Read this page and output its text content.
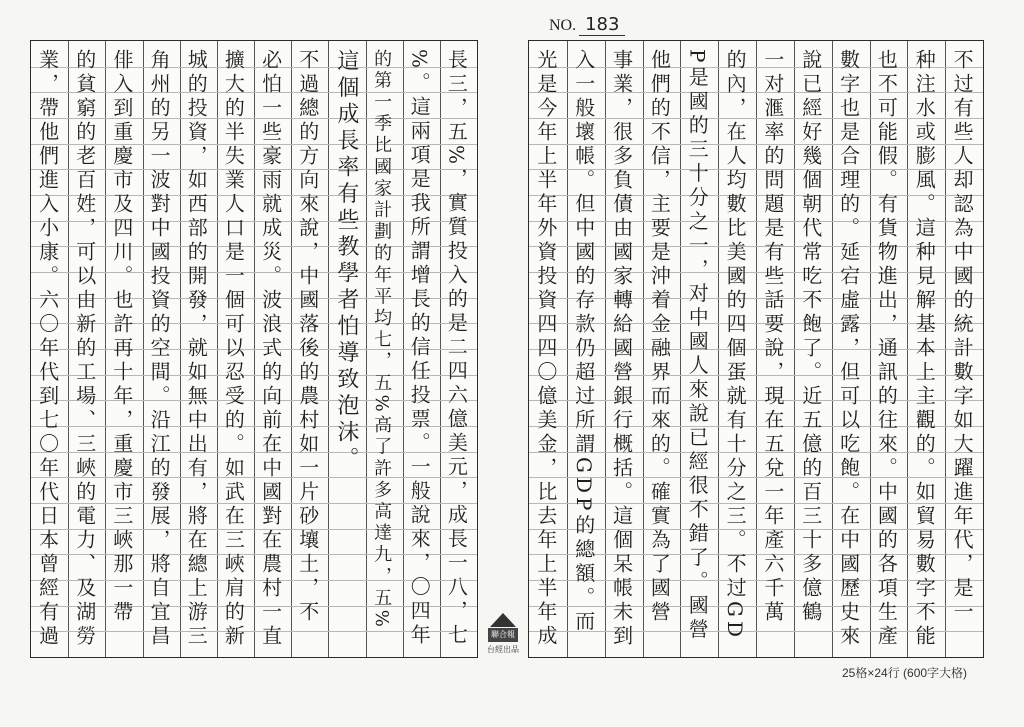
NO. 183
長三，五%，實質投入的是二四六億美元，成長一八，七
%。這兩項是我所謂增長的信任投票。一般說來，〇四年
的第一季比國家計劃的年平均七，五%高了許多高達九，五%
這個成長率有些教學者怕導致泡沫。
不過總的方向來說，中國落後的農村如一片砂壤土，不
必怕一些豪雨就成災。波浪式的向前在中國對在農村一直
擴大的半失業人口是一個可以忍受的。如武在三峽肩的新
城的投資，如西部的開發，就如無中出有，將在總上游三
角州的另一波對中國投資的空間。沿江的發展，將自宜昌
俳入到重慶市及四川。也許再十年，重慶市三峽那一帶
的貧窮的老百姓，可以由新的工場、三峽的電力、及湖勞
業，帶他們進入小康。六〇年代到七〇年代日本曾經有過	不过有些人却認為中國的統計數字如大躍進年代，是一
种注水或膨風。這种見解基本上主觀的。如貿易數字不能
也不可能假。有貨物進出，通訊的往來。中國的各項生產
數字也是合理的。延宕虛露，但可以吃飽。在中國歷史來
說已經好幾個朝代常吃不飽了。近五億的百三十多億鶴
一对滙率的問題是有些話要說，現在五兌一年產六千萬
的內，在人均數比美國的四個蛋就有十分之三。不过GD
P是國的三十分之一，对中國人來說已經很不錯了。國營
他們的不信，主要是沖着金融界而來的。確實為了國營
事業，很多負債由國家轉給國營銀行概括。這個呆帳未到
入一般壞帳。但中國的存款仍超过所謂GDP的總額。而
光是今年上半年外資投資四四〇億美金，比去年上半年成
聯合報
台經出品
25格×24行 (600字大格)
